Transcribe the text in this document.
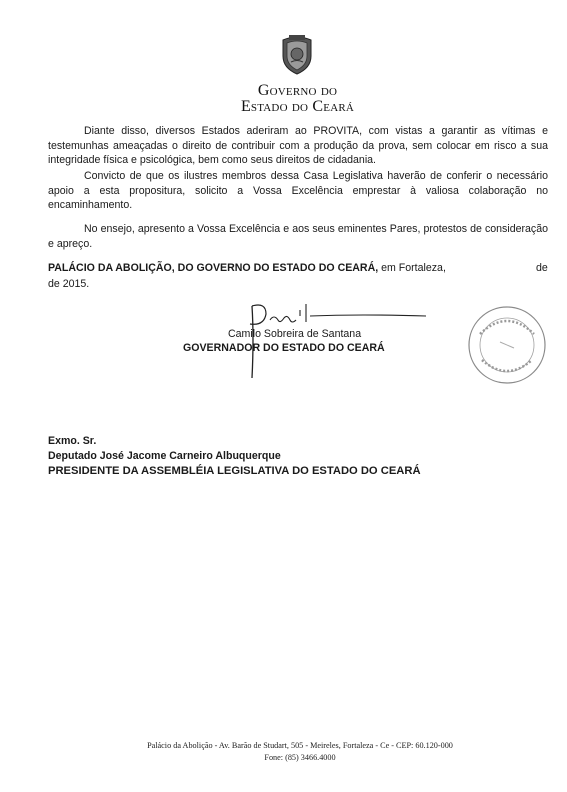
Governo do
Estado do Ceará
Diante disso, diversos Estados aderiram ao PROVITA, com vistas a garantir as vítimas e testemunhas ameaçadas o direito de contribuir com a produção da prova, sem colocar em risco a sua integridade física e psicológica, bem como seus direitos de cidadania.
Convicto de que os ilustres membros dessa Casa Legislativa haverão de conferir o necessário apoio a esta propositura, solicito a Vossa Excelência emprestar à valiosa colaboração no encaminhamento.
No ensejo, apresento a Vossa Excelência e aos seus eminentes Pares, protestos de consideração e apreço.
PALÁCIO DA ABOLIÇÃO, DO GOVERNO DO ESTADO DO CEARÁ, em Fortaleza,	de
de 2015.
Camilo Sobreira de Santana
GOVERNADOR DO ESTADO DO CEARÁ
Exmo. Sr.
Deputado José Jacome Carneiro Albuquerque
PRESIDENTE DA ASSEMBLÉIA LEGISLATIVA DO ESTADO DO CEARÁ
Palácio da Abolição - Av. Barão de Studart, 505 - Meireles, Fortaleza - Ce - CEP: 60.120-000
Fone: (85) 3466.4000
